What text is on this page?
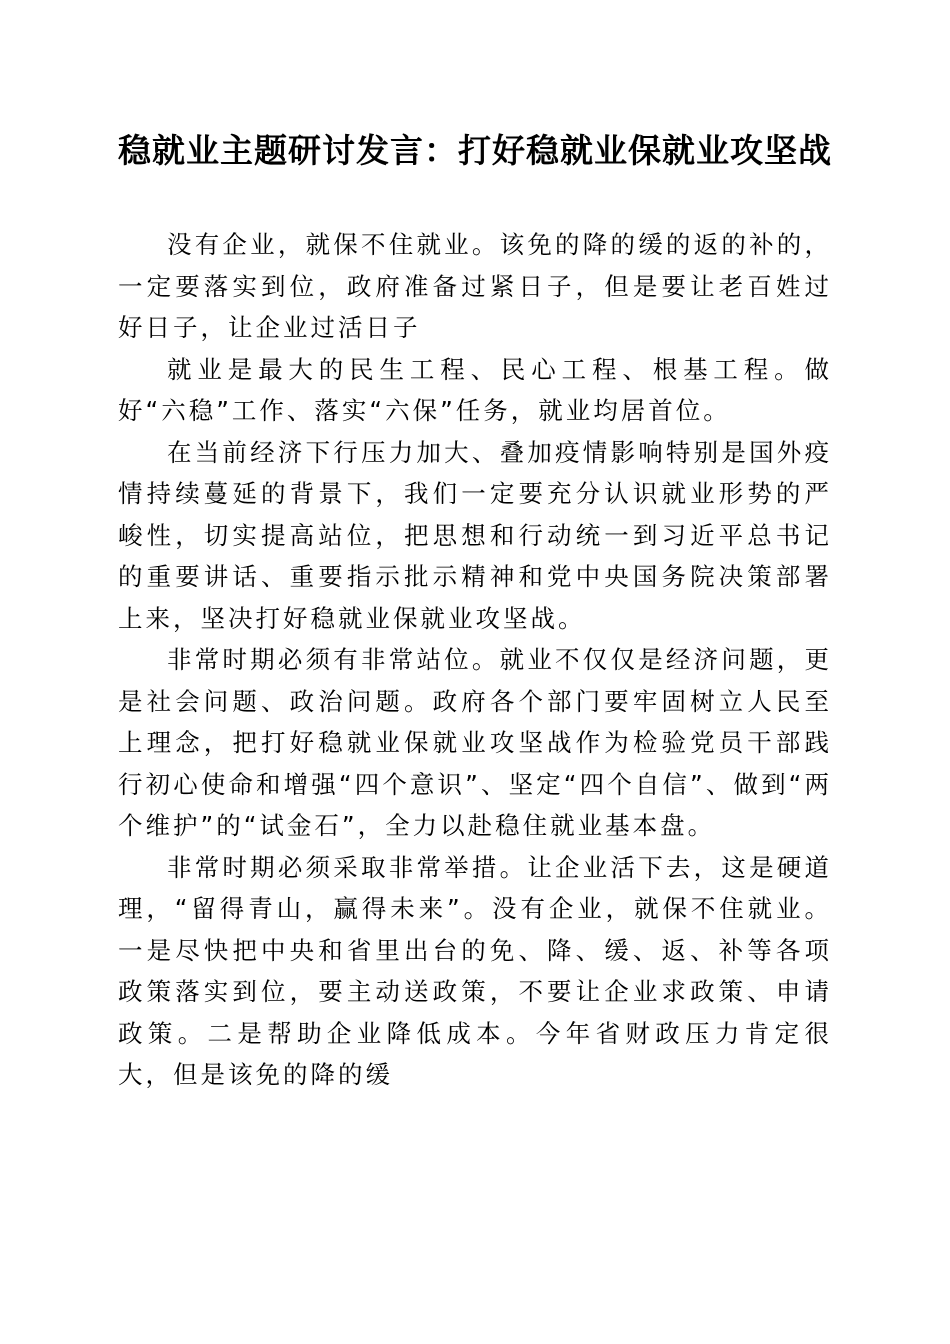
稳就业主题研讨发言：打好稳就业保就业攻坚战

没有企业，就保不住就业。该免的降的缓的返的补的，一定要落实到位，政府准备过紧日子，但是要让老百姓过好日子，让企业过活日子

就业是最大的民生工程、民心工程、根基工程。做好“六稳”工作、落实“六保”任务，就业均居首位。

在当前经济下行压力加大、叠加疫情影响特别是国外疫情持续蔓延的背景下，我们一定要充分认识就业形势的严峻性，切实提高站位，把思想和行动统一到习近平总书记的重要讲话、重要指示批示精神和党中央国务院决策部署上来，坚决打好稳就业保就业攻坚战。

非常时期必须有非常站位。就业不仅仅是经济问题，更是社会问题、政治问题。政府各个部门要牢固树立人民至上理念，把打好稳就业保就业攻坚战作为检验党员干部践行初心使命和增强“四个意识”、坚定“四个自信”、做到“两个维护”的“试金石”，全力以赴稳住就业基本盘。

非常时期必须采取非常举措。让企业活下去，这是硬道理，“留得青山，赢得未来”。没有企业，就保不住就业。一是尽快把中央和省里出台的免、降、缓、返、补等各项政策落实到位，要主动送政策，不要让企业求政策、申请政策。二是帮助企业降低成本。今年省财政压力肯定很大，但是该免的降的缓
